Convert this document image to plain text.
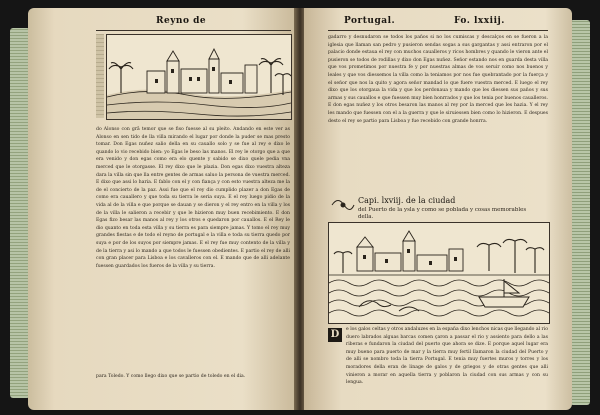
Reyno de
do Alonso con grā temor que se fiso fuesse al su pleito. Andando en este ver as Alonso en sen tido de lla villa mirando el lugar por donde la puder se mas presto tomar. Don Egas nuñez salio della en su cauallo solo y se fue al rey e dixo le quando lo vio recebido bien: yo Egas le beso las manos. El rey le otorgo que a que era venido y don egas como era elo quente y sabido se dixo quele pedia vna merced que le otorgasse. El rey dixo que le plazia. Don egas dixo vuestra alteza dara la villa sin que lla entre gentes de armas saluo la persona de vuestra merced. E dixo que assi lo haria. E fablo con el y con fiança y con esto vuestra alteza me la de el concierto de la paz. Assi fue que el rey dio cumplido plazer a don Egas de como era cauallero y que toda su tierra le seria suya. E el rey luego pidio de la vida al de la villa e que porque se dauan y se dieron y el rey entro en la villa y los de la villa le salieron a recebir y que le hizieron muy buen recebimiento. E don Egas fizo besar las manos al rey y los otros e quedaron por cauallos. E el Rey le dio quanto en toda esta villa y su tierra es para siempre jamas. Y tomo el rey muy grandes fiestas e de todo el reyno de portugal e la villa e toda su tierra quedo por suya e por de los suyos por siempre jamas. E el rey fue muy contento de la villa y de la tierra y asi lo mando a que todos le fuessen obedientes. E partio el rey de alli con gran placer para Lisboa e los cavalleros con el. E mando que de alli adelante fuessen guardados los fueros de la villa y su tierra.
para Toledo. Y como llego dixo que se partio de toledo en el dia.
Portugal.	Fo. lxxiij.
gadarro y desnudaron se todos los paños si no los cumiscas y descalços en se fueron a la iglesia que llaman san pedro y pusieron sendas sogas a sus gargantas y assi entraron por el palacio donde estaua el rey con muchos caualleros y ricos hombres y quando le vieron ante el pusieron se todos de rodillas y dixo don Egas nuñez. Señor estando nos en guarda desta villa que vos prometimos por nuestra fe y por nuestras almas de vos seruir como nos buenos y leales y que vos diessemos la villa como la teniamos por nos fue quebrantado por la fuerça y el señor que nos la quito y agora señor mandad lo que fuere vuestra merced. E luego el rey dixo que los otorgaua la vida y que los perdonaua y mando que les diessen sus paños y sus armas y sus cauallos e que fuessen muy bien honrrados y que los tenia por buenos caualleros. E don egas nuñez y los otros besaron las manos al rey por la merced que les hazia. Y el rey les mando que fuessen con el a la guerra y que le siruiessen bien como lo hizieron. E despues desto el rey se partio para Lisboa y fue recebido con grande honrra.
Capi. lxviij. de la ciudad
del Puerto de la ysla y como se poblada y cosas memorables della.
D	e los galos celtas y otros andaluzes en la españa dixo lenchos nicas que llegando al rio duero labrados alguas barcas comen çaron a passar el rio y assiento para dello a las riberas e fundaron la ciudad del puerto que ahora se dize. E porque aquel lugar era muy bueno para puerto de mar y la tierra muy fertil llamaron la ciudad del Puerto y de alli se nombro toda la tierra Portugal. E tenia muy fuertes muros y torres y los moradores della eran de linage de galos y de griegos y de otras gentes que alli vinieron a morar en aquella tierra y poblaron la ciudad con sus armas y con su lengua.
